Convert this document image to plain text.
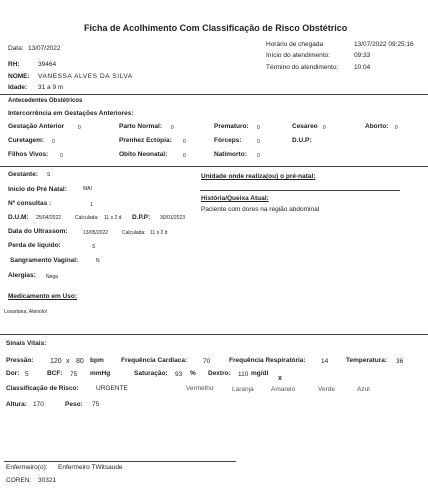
Ficha de Acolhimento Com Classificação de Risco Obstétrico
Data: 13/07/2022
RH:	39464
NOME: VANESSA ALVES DA SILVA
Idade: 31 a 9 m
Horário de chegada	13/07/2022 09:25:16
Início do atendimento:	09:33
Término do atendimento: 10:04
Antecedentes Obstétricos
Intercorrência em Gestações Anteriores:
Gestação Anterior	0	Parto Normal: 0	Prematuro: 0	Cesáreo 0	Aborto: 0
Curetagem: 0	Prenhez Ectópia: 0	Fórceps:	0	D.U.P:
Filhos Vivos: 0	Obito Neonatal:	0	Natimorto: 0
Gestante: S
Inicio do Pré Natal:	MAI
Nº consultas :	1
D.U.M: 25/04/2022	Calculada: 11 s 2 d D.P.P: 30/01/2023
Data do Ultrassom:	13/05/2022	Calculada: 11 s 2 d
Perda de liquido:	S
Sangramento Vaginal:	N
Alergias: Nega
Medicamento em Uso:
Losartana, Atenolol
Unidade onde realiza(ou) o pré-natal:
História/Queixa Atual:
Paciente com dores na região abdominal
Sinais Vitais:
Pressão: 120 x 80 bpm	Frequência Cardíaca: 70	Frequência Respiratória: 14	Temperatura: 36
Dor: 5	BCF: 75 mmHg	Saturação: 93 % Dextro: 110 mg/dl
x
Classificação de Risco:	URGENTE	Vermelho	Laranja	Amarelo	Verde	Azul
Altura: 170	Peso: 75
Enfermeiro(o): Enfermeiro TWitsaude
COREN: 30321
